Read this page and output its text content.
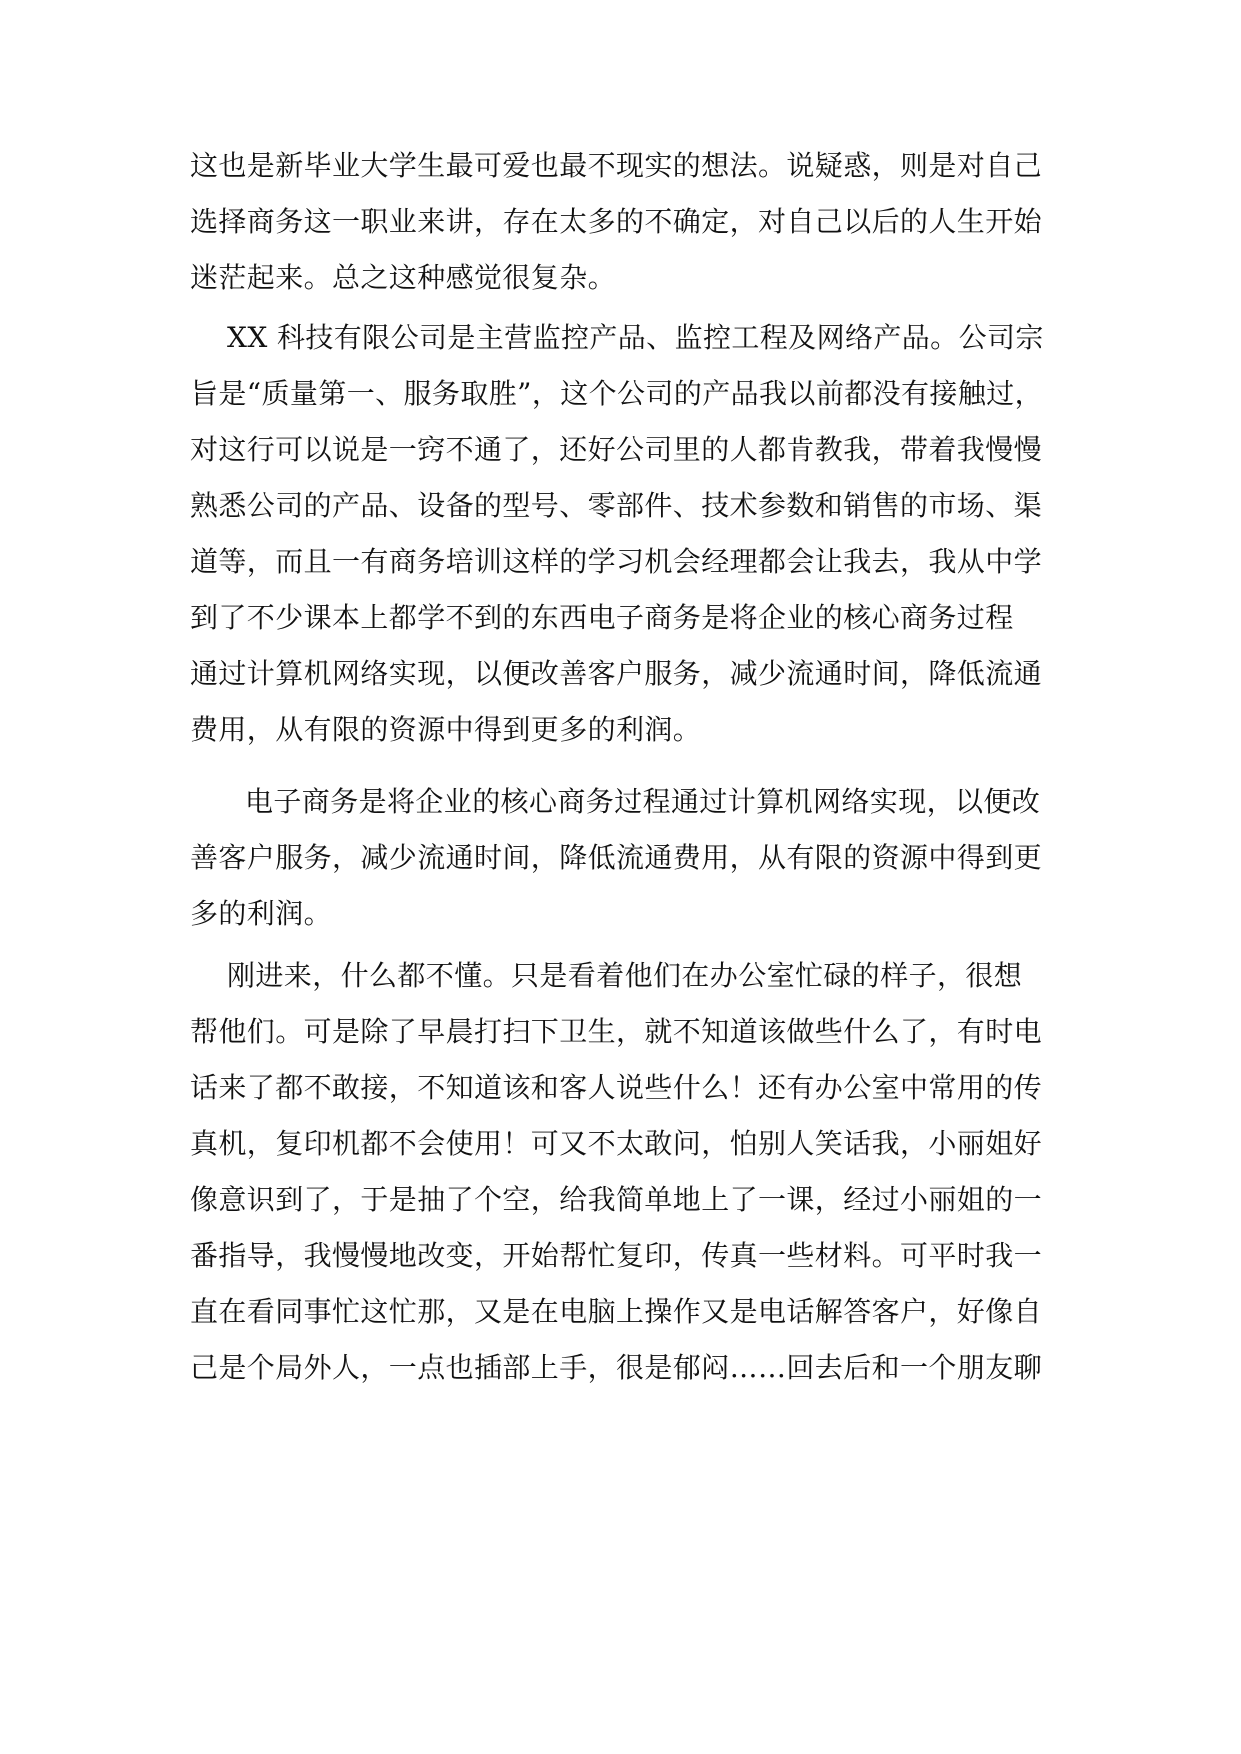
这也是新毕业大学生最可爱也最不现实的想法。说疑惑，则是对自己
选择商务这一职业来讲，存在太多的不确定，对自己以后的人生开始
迷茫起来。总之这种感觉很复杂。
XX 科技有限公司是主营监控产品、监控工程及网络产品。公司宗
旨是“质量第一、服务取胜”，这个公司的产品我以前都没有接触过，
对这行可以说是一窍不通了，还好公司里的人都肯教我，带着我慢慢
熟悉公司的产品、设备的型号、零部件、技术参数和销售的市场、渠
道等，而且一有商务培训这样的学习机会经理都会让我去，我从中学
到了不少课本上都学不到的东西电子商务是将企业的核心商务过程
通过计算机网络实现，以便改善客户服务，减少流通时间，降低流通
费用，从有限的资源中得到更多的利润。
电子商务是将企业的核心商务过程通过计算机网络实现，以便改
善客户服务，减少流通时间，降低流通费用，从有限的资源中得到更
多的利润。
刚进来，什么都不懂。只是看着他们在办公室忙碌的样子，很想
帮他们。可是除了早晨打扫下卫生，就不知道该做些什么了，有时电
话来了都不敢接，不知道该和客人说些什么！还有办公室中常用的传
真机，复印机都不会使用！可又不太敢问，怕别人笑话我，小丽姐好
像意识到了，于是抽了个空，给我简单地上了一课，经过小丽姐的一
番指导，我慢慢地改变，开始帮忙复印，传真一些材料。可平时我一
直在看同事忙这忙那，又是在电脑上操作又是电话解答客户，好像自
己是个局外人，一点也插部上手，很是郁闷……回去后和一个朋友聊
